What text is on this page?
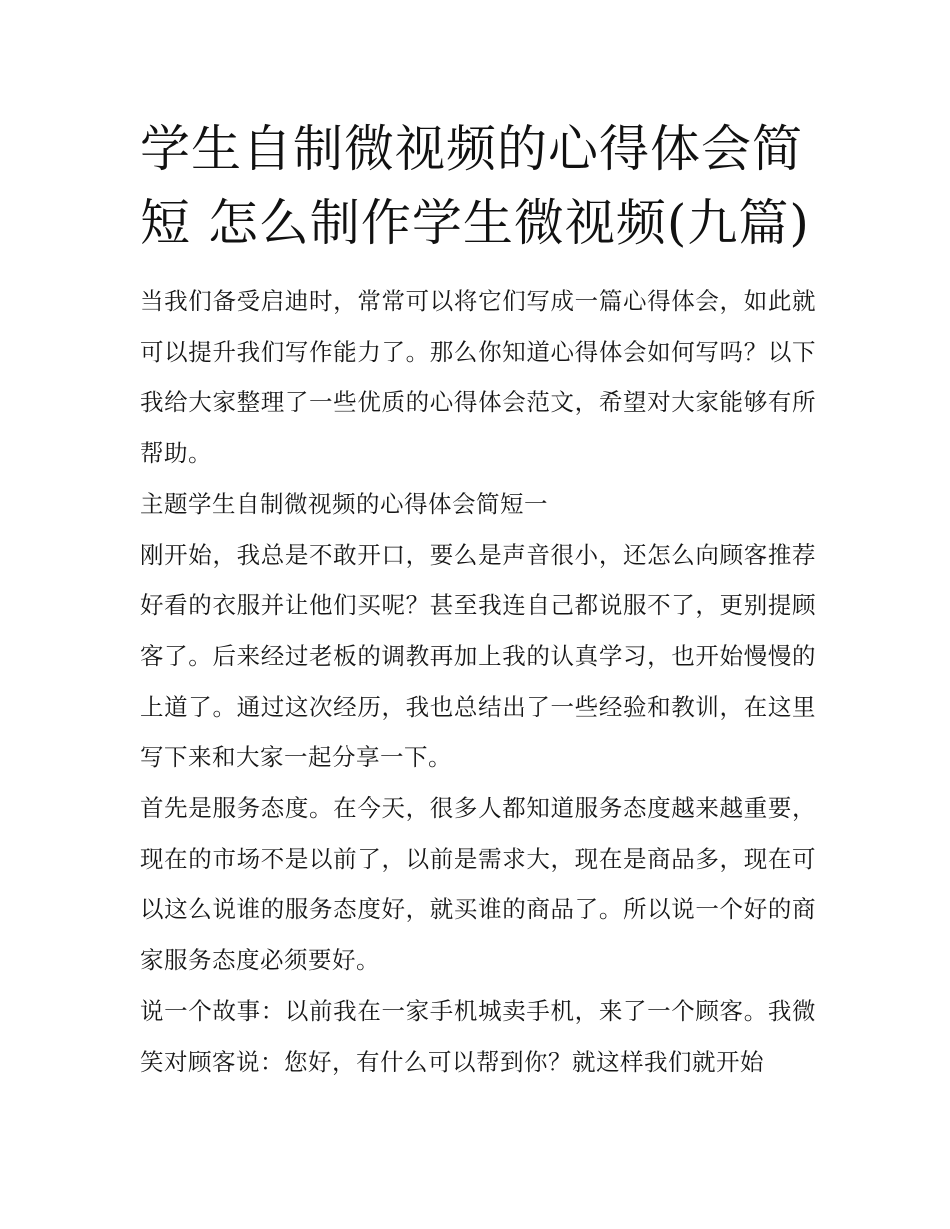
学生自制微视频的心得体会简短 怎么制作学生微视频(九篇)

当我们备受启迪时，常常可以将它们写成一篇心得体会，如此就可以提升我们写作能力了。那么你知道心得体会如何写吗？以下我给大家整理了一些优质的心得体会范文，希望对大家能够有所帮助。

主题学生自制微视频的心得体会简短一

刚开始，我总是不敢开口，要么是声音很小，还怎么向顾客推荐好看的衣服并让他们买呢？甚至我连自己都说服不了，更别提顾客了。后来经过老板的调教再加上我的认真学习，也开始慢慢的上道了。通过这次经历，我也总结出了一些经验和教训，在这里写下来和大家一起分享一下。

首先是服务态度。在今天，很多人都知道服务态度越来越重要，现在的市场不是以前了，以前是需求大，现在是商品多，现在可以这么说谁的服务态度好，就买谁的商品了。所以说一个好的商家服务态度必须要好。

说一个故事：以前我在一家手机城卖手机，来了一个顾客。我微笑对顾客说：您好，有什么可以帮到你？就这样我们就开始
